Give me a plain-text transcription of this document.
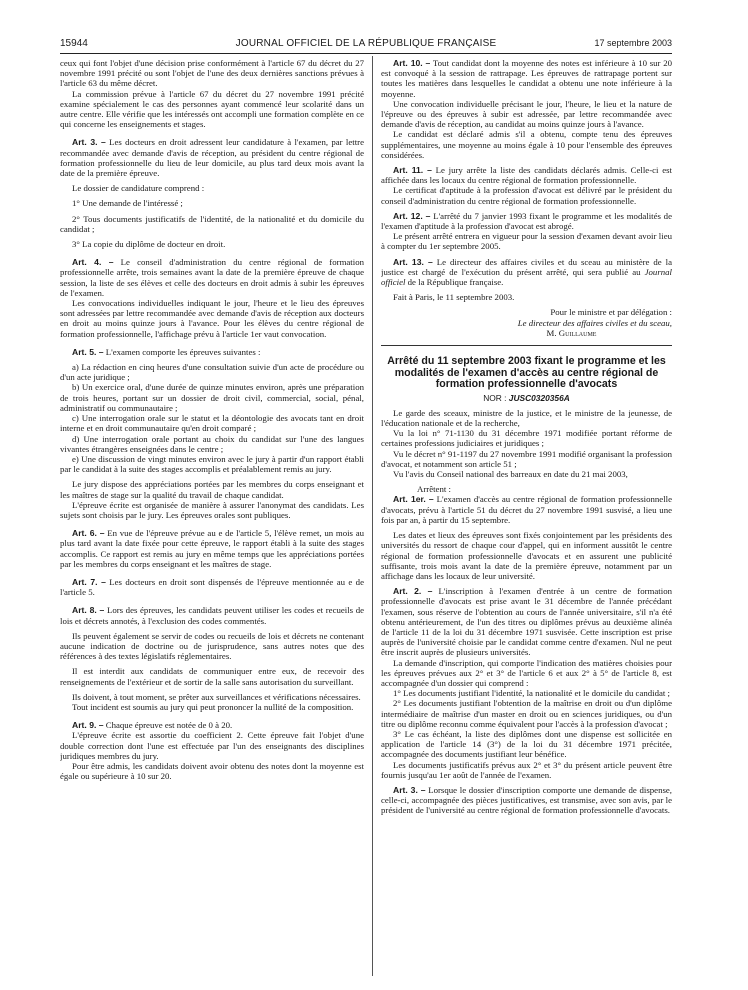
15944	JOURNAL OFFICIEL DE LA RÉPUBLIQUE FRANÇAISE	17 septembre 2003

ceux qui font l'objet d'une décision prise conformément à l'article 67 du décret du 27 novembre 1991 précité ou sont l'objet de l'une des deux dernières sanctions prévues à l'article 63 du même décret.

La commission prévue à l'article 67 du décret du 27 novembre 1991 précité examine spécialement le cas des personnes ayant commencé leur scolarité dans un autre centre. Elle vérifie que les intéressés ont accompli une formation complète en ce qui concerne les enseignements et stages.

Art. 3. – Les docteurs en droit adressent leur candidature à l'examen, par lettre recommandée avec demande d'avis de réception, au président du centre régional de formation professionnelle du lieu de leur domicile, au plus tard deux mois avant la date de la première épreuve.

Le dossier de candidature comprend :

1° Une demande de l'intéressé ;

2° Tous documents justificatifs de l'identité, de la nationalité et du domicile du candidat ;

3° La copie du diplôme de docteur en droit.

Art. 4. – Le conseil d'administration du centre régional de formation professionnelle arrête, trois semaines avant la date de la première épreuve de chaque session, la liste de ses élèves et celle des docteurs en droit admis à subir les épreuves de l'examen.

Les convocations individuelles indiquant le jour, l'heure et le lieu des épreuves sont adressées par lettre recommandée avec demande d'avis de réception aux docteurs en droit au moins quinze jours à l'avance. Pour les élèves du centre régional de formation professionnelle, l'affichage prévu à l'article 1er vaut convocation.

Art. 5. – L'examen comporte les épreuves suivantes :

a) La rédaction en cinq heures d'une consultation suivie d'un acte de procédure ou d'un acte juridique ;

b) Un exercice oral, d'une durée de quinze minutes environ, après une préparation de trois heures, portant sur un dossier de droit civil, commercial, social, pénal, administratif ou communautaire ;

c) Une interrogation orale sur le statut et la déontologie des avocats tant en droit interne et en droit communautaire qu'en droit comparé ;

d) Une interrogation orale portant au choix du candidat sur l'une des langues vivantes étrangères enseignées dans le centre ;

e) Une discussion de vingt minutes environ avec le jury à partir d'un rapport établi par le candidat à la suite des stages accomplis et préalablement remis au jury.

Le jury dispose des appréciations portées par les membres du corps enseignant et les maîtres de stage sur la qualité du travail de chaque candidat.

L'épreuve écrite est organisée de manière à assurer l'anonymat des candidats. Les sujets sont choisis par le jury. Les épreuves orales sont publiques.

Art. 6. – En vue de l'épreuve prévue au e de l'article 5, l'élève remet, un mois au plus tard avant la date fixée pour cette épreuve, le rapport établi à la suite des stages accomplis. Ce rapport est remis au jury en même temps que les appréciations portées par les membres du corps enseignant et les maîtres de stage.

Art. 7. – Les docteurs en droit sont dispensés de l'épreuve mentionnée au e de l'article 5.

Art. 8. – Lors des épreuves, les candidats peuvent utiliser les codes et recueils de lois et décrets annotés, à l'exclusion des codes commentés.

Ils peuvent également se servir de codes ou recueils de lois et décrets ne contenant aucune indication de doctrine ou de jurisprudence, sans autres notes que des références à des textes législatifs réglementaires.

Il est interdit aux candidats de communiquer entre eux, de recevoir des renseignements de l'extérieur et de sortir de la salle sans autorisation du surveillant.

Ils doivent, à tout moment, se prêter aux surveillances et vérifications nécessaires.

Tout incident est soumis au jury qui peut prononcer la nullité de la composition.

Art. 9. – Chaque épreuve est notée de 0 à 20.

L'épreuve écrite est assortie du coefficient 2. Cette épreuve fait l'objet d'une double correction dont l'une est effectuée par l'un des enseignants des disciplines juridiques membres du jury.

Pour être admis, les candidats doivent avoir obtenu des notes dont la moyenne est égale ou supérieure à 10 sur 20.

Art. 10. – Tout candidat dont la moyenne des notes est inférieure à 10 sur 20 est convoqué à la session de rattrapage. Les épreuves de rattrapage portent sur toutes les matières dans lesquelles le candidat a obtenu une note inférieure à la moyenne.

Une convocation individuelle précisant le jour, l'heure, le lieu et la nature de l'épreuve ou des épreuves à subir est adressée, par lettre recommandée avec demande d'avis de réception, au candidat au moins quinze jours à l'avance.

Le candidat est déclaré admis s'il a obtenu, compte tenu des épreuves supplémentaires, une moyenne au moins égale à 10 pour l'ensemble des épreuves considérées.

Art. 11. – Le jury arrête la liste des candidats déclarés admis. Celle-ci est affichée dans les locaux du centre régional de formation professionnelle.

Le certificat d'aptitude à la profession d'avocat est délivré par le président du conseil d'administration du centre régional de formation professionnelle.

Art. 12. – L'arrêté du 7 janvier 1993 fixant le programme et les modalités de l'examen d'aptitude à la profession d'avocat est abrogé.

Le présent arrêté entrera en vigueur pour la session d'examen devant avoir lieu à compter du 1er septembre 2005.

Art. 13. – Le directeur des affaires civiles et du sceau au ministère de la justice est chargé de l'exécution du présent arrêté, qui sera publié au Journal officiel de la République française.

Fait à Paris, le 11 septembre 2003.

Pour le ministre et par délégation :

Le directeur des affaires civiles et du sceau,

M. Guillaume

Arrêté du 11 septembre 2003 fixant le programme et les modalités de l'examen d'accès au centre régional de formation professionnelle d'avocats
NOR : JUSC0320356A

Le garde des sceaux, ministre de la justice, et le ministre de la jeunesse, de l'éducation nationale et de la recherche,

Vu la loi n° 71-1130 du 31 décembre 1971 modifiée portant réforme de certaines professions judiciaires et juridiques ;

Vu le décret n° 91-1197 du 27 novembre 1991 modifié organisant la profession d'avocat, et notamment son article 51 ;

Vu l'avis du Conseil national des barreaux en date du 21 mai 2003,

Arrêtent :

Art. 1er. – L'examen d'accès au centre régional de formation professionnelle d'avocats, prévu à l'article 51 du décret du 27 novembre 1991 susvisé, a lieu une fois par an, à partir du 15 septembre.

Les dates et lieux des épreuves sont fixés conjointement par les présidents des universités du ressort de chaque cour d'appel, qui en informent aussitôt le centre régional de formation professionnelle d'avocats et en assurent une publicité suffisante, trois mois avant la date de la première épreuve, notamment par un affichage dans les locaux de leur université.

Art. 2. – L'inscription à l'examen d'entrée à un centre de formation professionnelle d'avocats est prise avant le 31 décembre de l'année précédant l'examen, sous réserve de l'obtention au cours de l'année universitaire, s'il n'a été obtenu antérieurement, de l'un des titres ou diplômes prévus au deuxième alinéa de l'article 11 de la loi du 31 décembre 1971 susvisée. Cette inscription est prise auprès de l'université choisie par le candidat comme centre d'examen. Nul ne peut être inscrit auprès de plusieurs universités.

La demande d'inscription, qui comporte l'indication des matières choisies pour les épreuves prévues aux 2° et 3° de l'article 6 et aux 2° à 5° de l'article 8, est accompagnée d'un dossier qui comprend :

1° Les documents justifiant l'identité, la nationalité et le domicile du candidat ;

2° Les documents justifiant l'obtention de la maîtrise en droit ou d'un diplôme intermédiaire de maîtrise d'un master en droit ou en sciences juridiques, ou d'un titre ou diplôme reconnu comme équivalent pour l'accès à la profession d'avocat ;

3° Le cas échéant, la liste des diplômes dont une dispense est sollicitée en application de l'article 14 (3°) de la loi du 31 décembre 1971 précitée, accompagnée des documents justifiant leur bénéfice.

Les documents justificatifs prévus aux 2° et 3° du présent article peuvent être fournis jusqu'au 1er août de l'année de l'examen.

Art. 3. – Lorsque le dossier d'inscription comporte une demande de dispense, celle-ci, accompagnée des pièces justificatives, est transmise, avec son avis, par le président de l'université au centre régional de formation professionnelle d'avocats.
